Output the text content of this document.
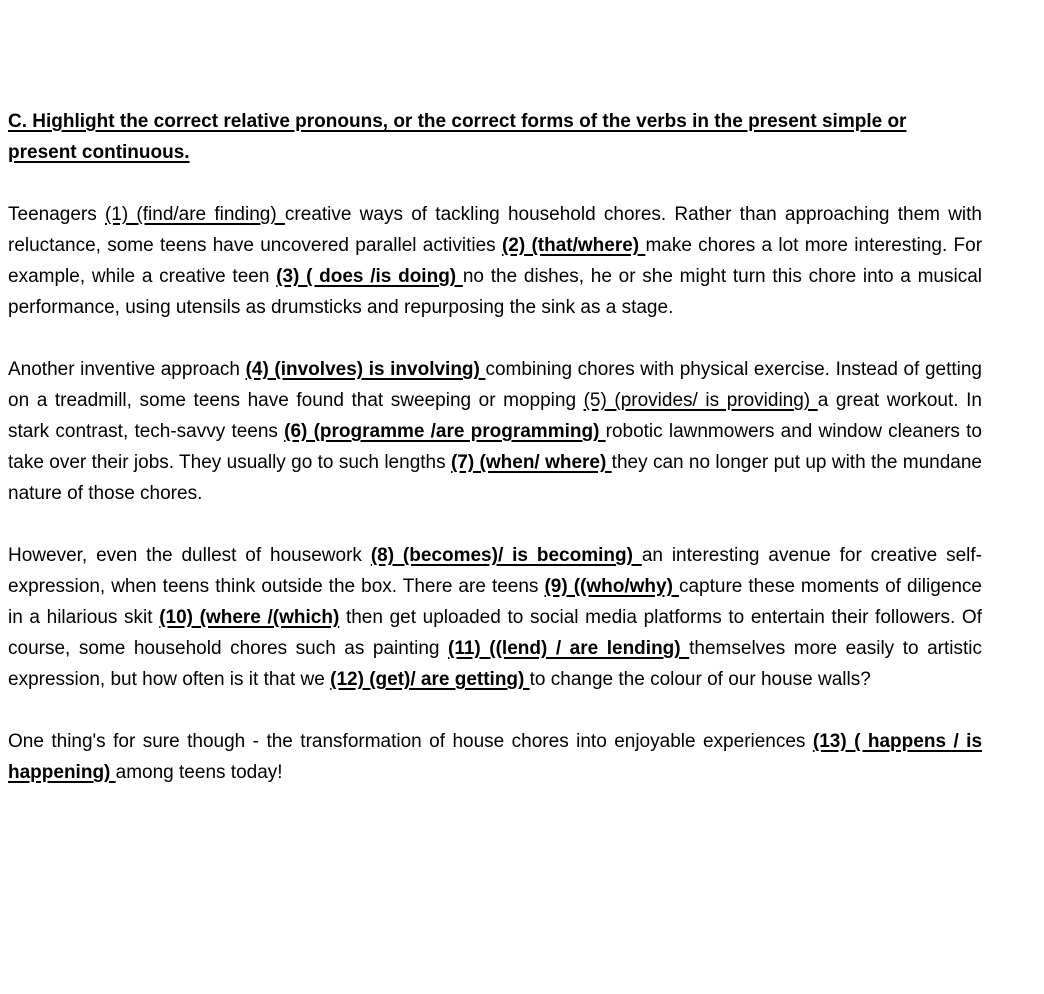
C. Highlight the correct relative pronouns, or the correct forms of the verbs in the present simple or present continuous.

Teenagers (1) (find/are finding) creative ways of tackling household chores. Rather than approaching them with reluctance, some teens have uncovered parallel activities (2) (that/where) make chores a lot more interesting. For example, while a creative teen (3) ( does /is doing) no the dishes, he or she might turn this chore into a musical performance, using utensils as drumsticks and repurposing the sink as a stage.

Another inventive approach (4) (involves) is involving) combining chores with physical exercise. Instead of getting on a treadmill, some teens have found that sweeping or mopping (5) (provides/ is providing) a great workout. In stark contrast, tech-savvy teens (6) (programme /are programming) robotic lawnmowers and window cleaners to take over their jobs. They usually go to such lengths (7) (when/ where) they can no longer put up with the mundane nature of those chores.

However, even the dullest of housework (8) (becomes)/ is becoming) an interesting avenue for creative self- expression, when teens think outside the box. There are teens (9) ((who/why) capture these moments of diligence in a hilarious skit (10) (where /(which) then get uploaded to social media platforms to entertain their followers. Of course, some household chores such as painting (11) ((lend) / are lending) themselves more easily to artistic expression, but how often is it that we (12) (get)/ are getting) to change the colour of our house walls?

One thing's for sure though - the transformation of house chores into enjoyable experiences (13) ( happens / is happening) among teens today!
